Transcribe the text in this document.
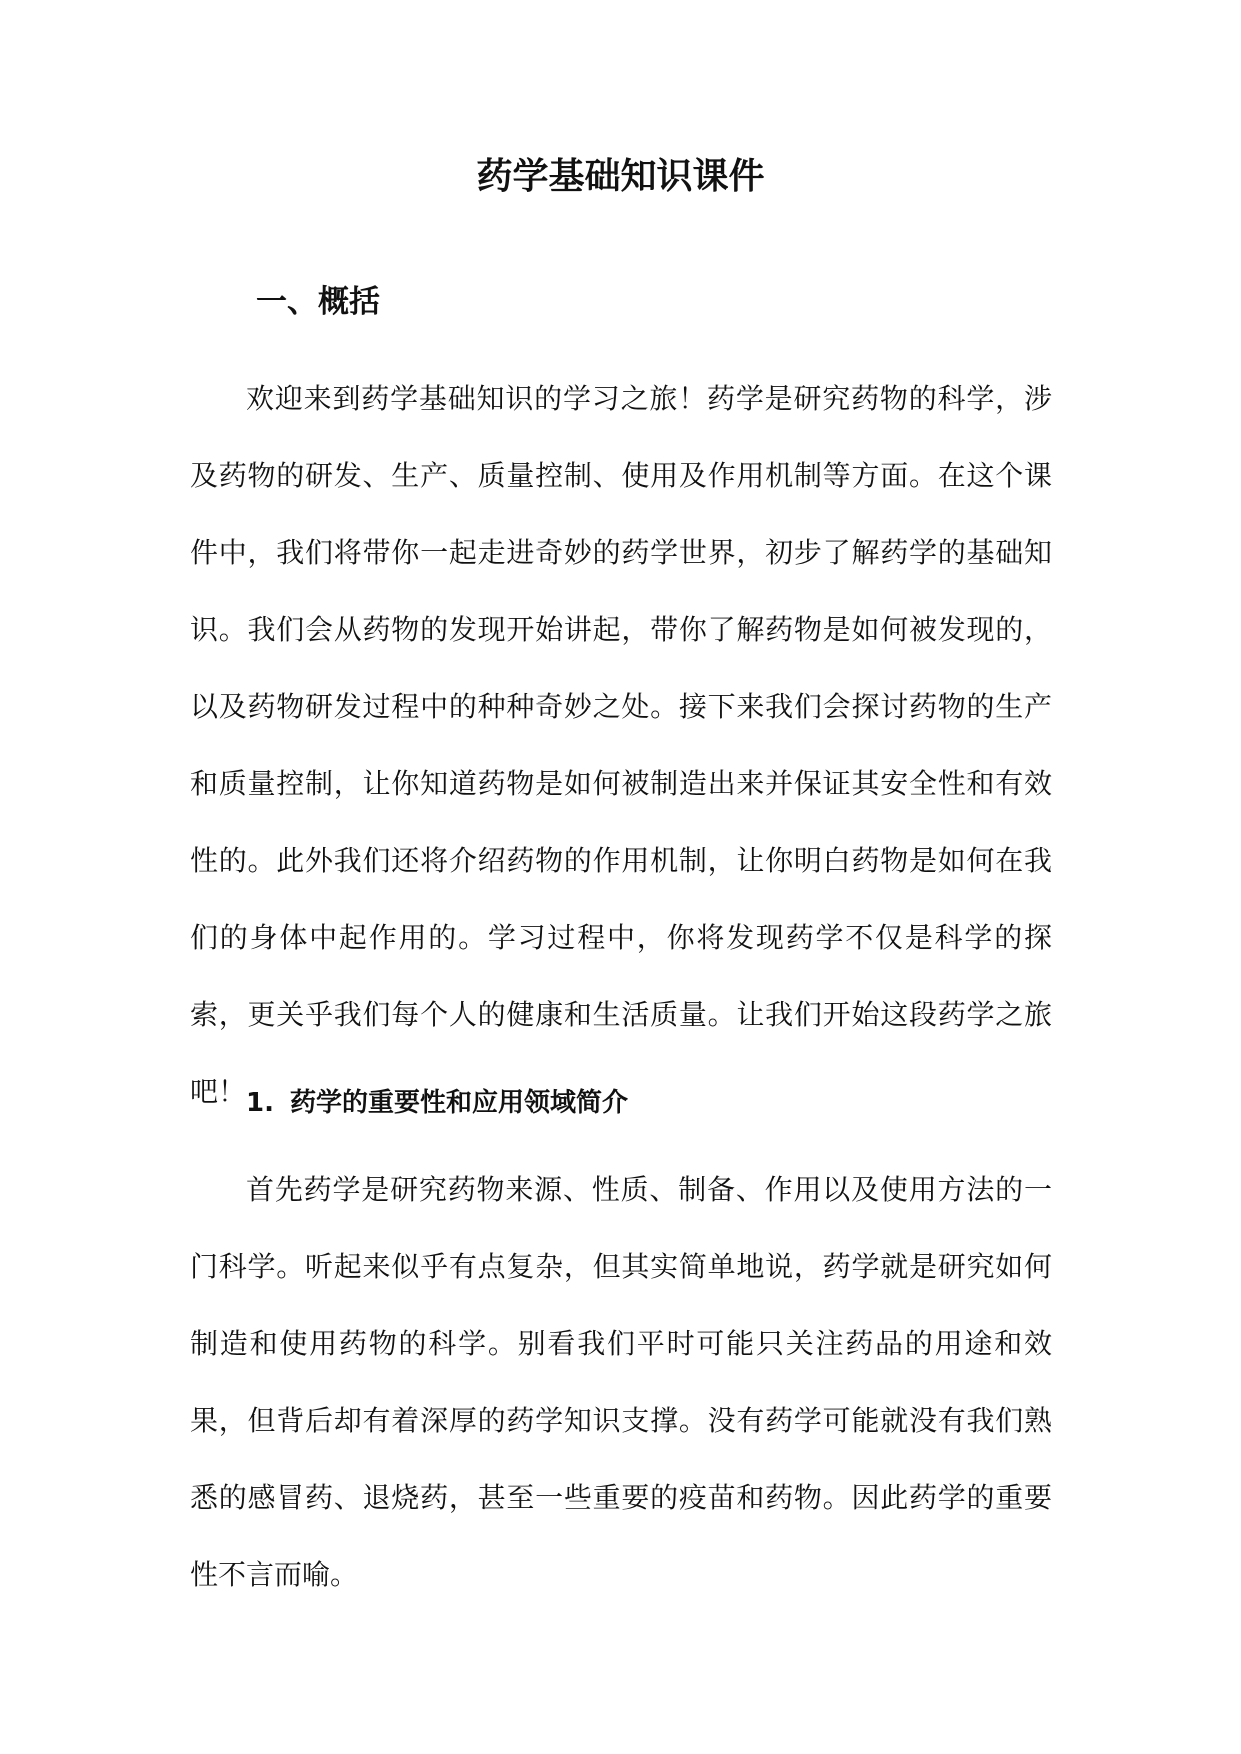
药学基础知识课件
一、概括

欢迎来到药学基础知识的学习之旅！药学是研究药物的科学，涉及药物的研发、生产、质量控制、使用及作用机制等方面。在这个课件中，我们将带你一起走进奇妙的药学世界，初步了解药学的基础知识。我们会从药物的发现开始讲起，带你了解药物是如何被发现的，以及药物研发过程中的种种奇妙之处。接下来我们会探讨药物的生产和质量控制，让你知道药物是如何被制造出来并保证其安全性和有效性的。此外我们还将介绍药物的作用机制，让你明白药物是如何在我们的身体中起作用的。学习过程中，你将发现药学不仅是科学的探索，更关乎我们每个人的健康和生活质量。让我们开始这段药学之旅吧！ 1. 药学的重要性和应用领域简介

首先药学是研究药物来源、性质、制备、作用以及使用方法的一门科学。听起来似乎有点复杂，但其实简单地说，药学就是研究如何制造和使用药物的科学。别看我们平时可能只关注药品的用途和效果，但背后却有着深厚的药学知识支撑。没有药学可能就没有我们熟悉的感冒药、退烧药，甚至一些重要的疫苗和药物。因此药学的重要性不言而喻。
